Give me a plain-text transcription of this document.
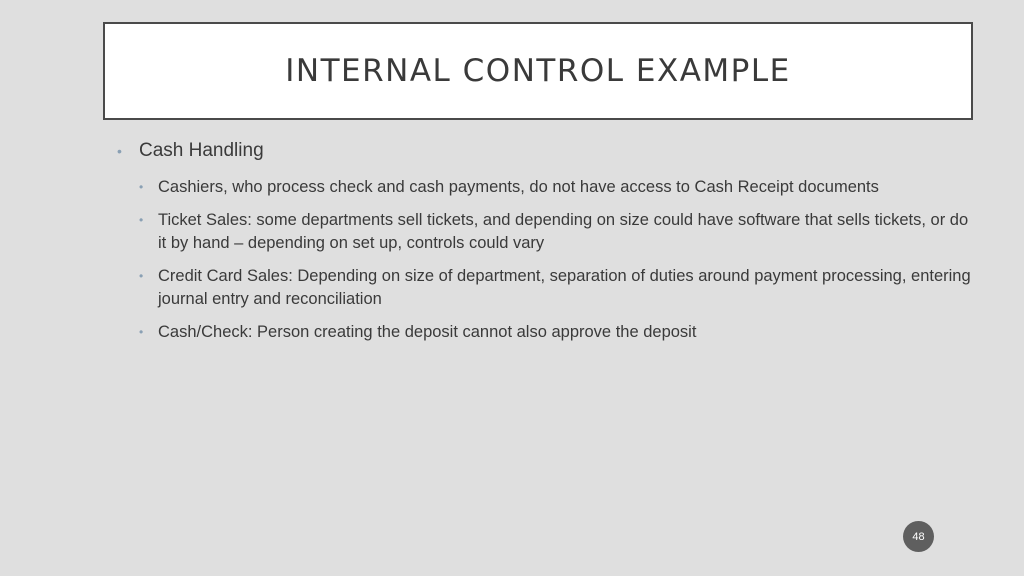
INTERNAL CONTROL EXAMPLE
• Cash Handling
• Cashiers, who process check and cash payments, do not have access to Cash Receipt documents
• Ticket Sales: some departments sell tickets, and depending on size could have software that sells tickets, or do it by hand – depending on set up, controls could vary
• Credit Card Sales: Depending on size of department, separation of duties around payment processing, entering journal entry and reconciliation
• Cash/Check: Person creating the deposit cannot also approve the deposit
48
